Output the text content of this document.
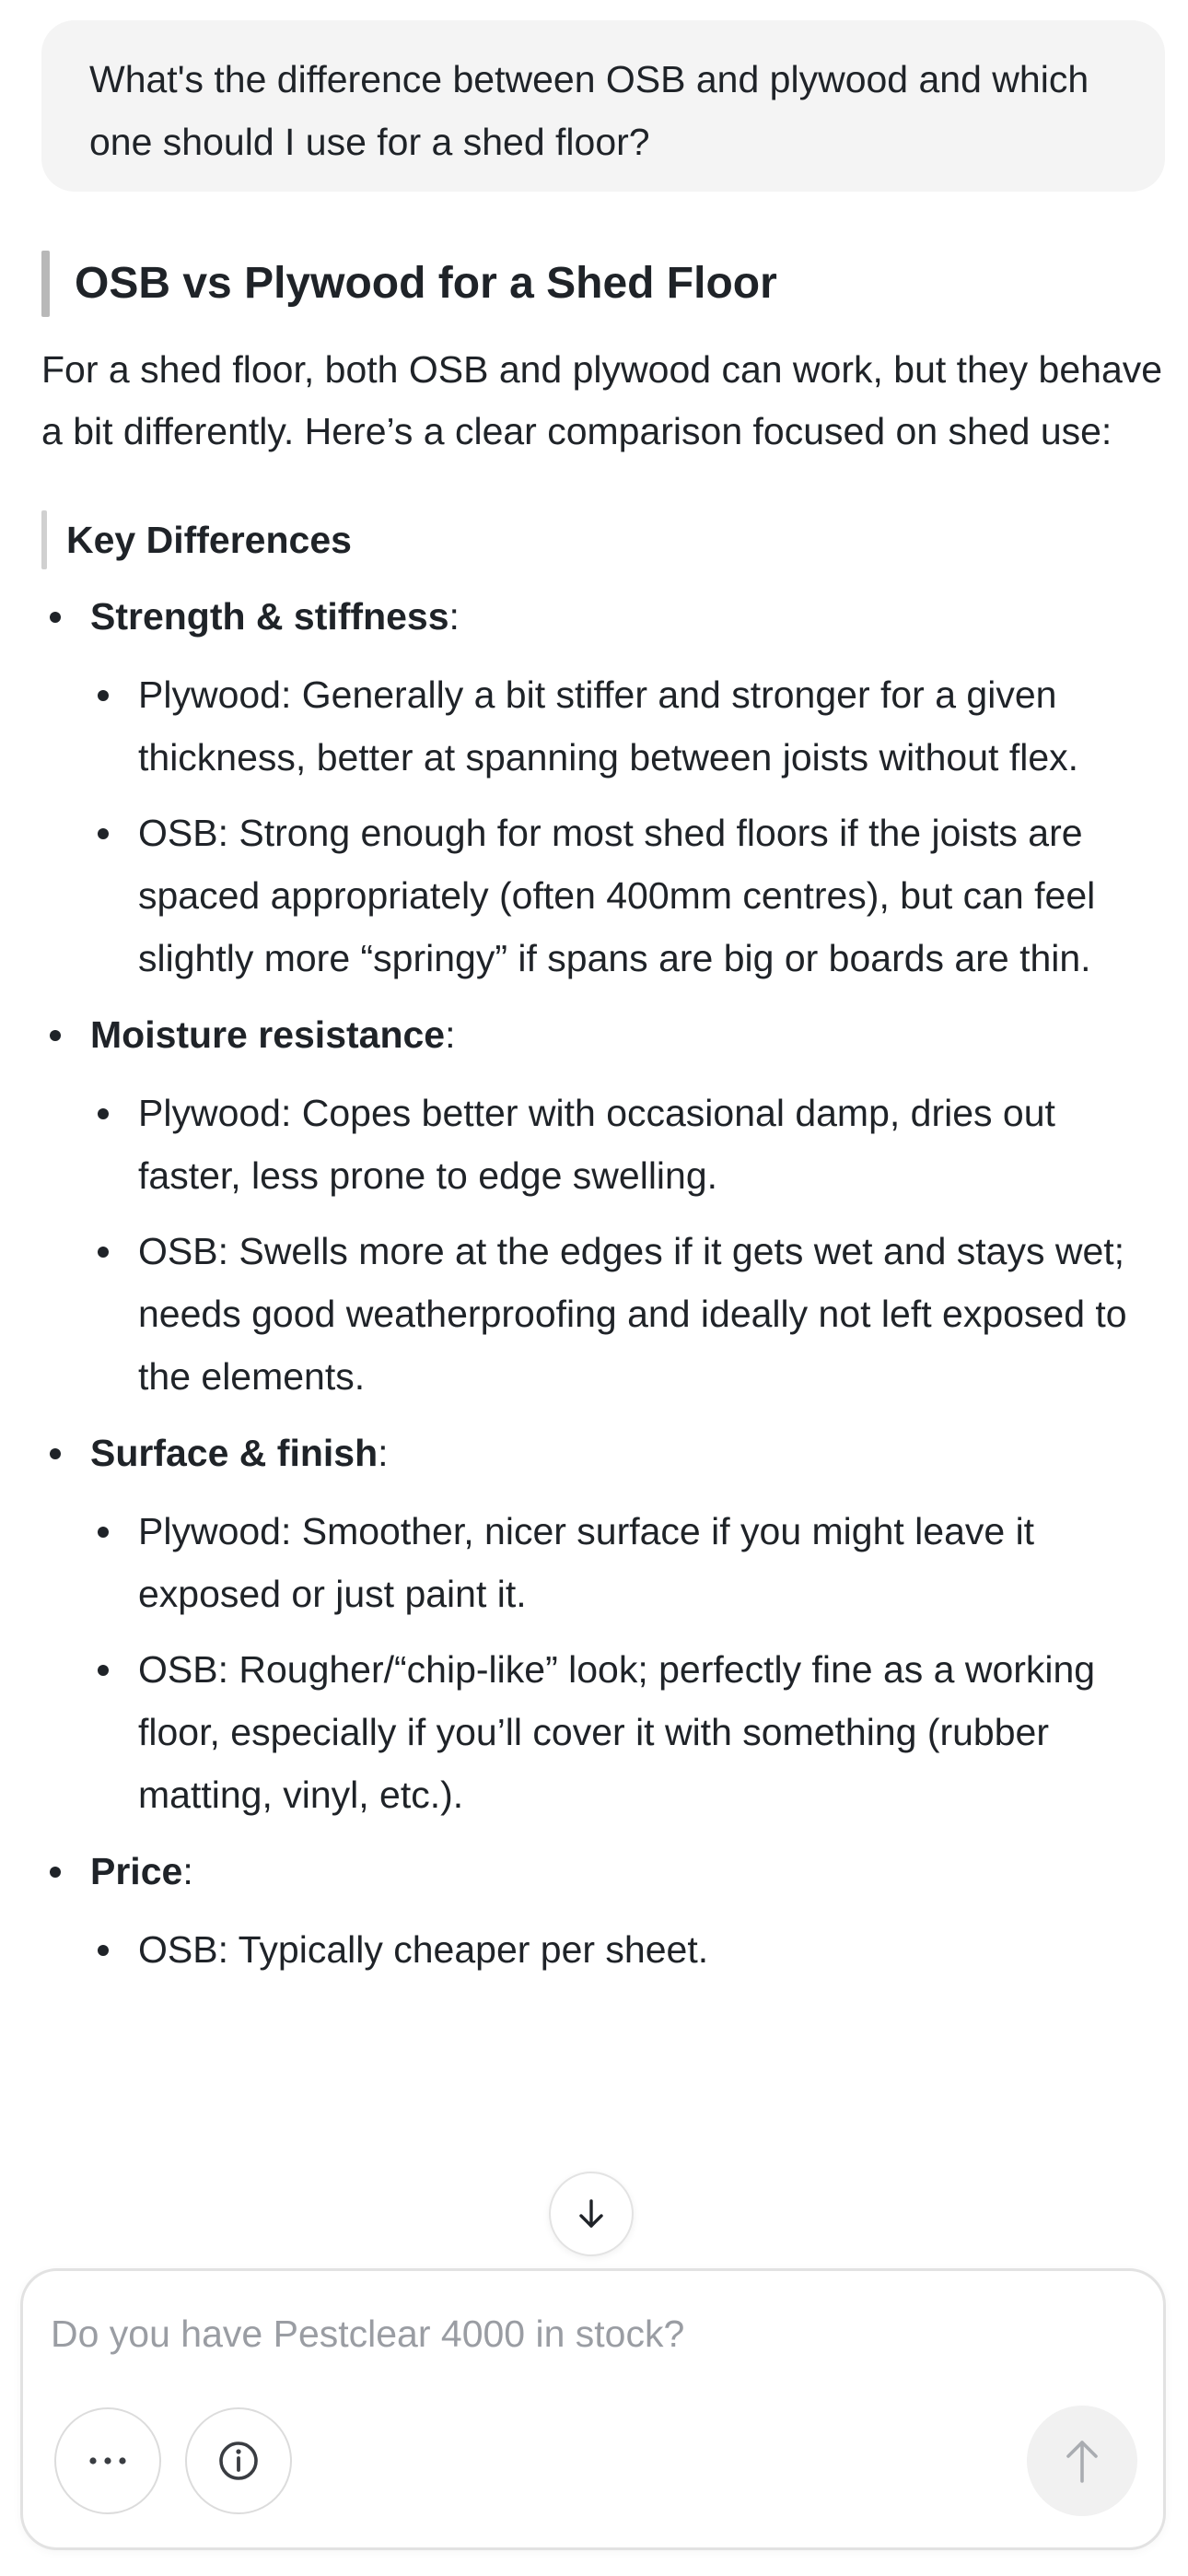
What's the difference between OSB and plywood and which one should I use for a shed floor?
OSB vs Plywood for a Shed Floor

For a shed floor, both OSB and plywood can work, but they behave a bit differently. Here’s a clear comparison focused on shed use:

Key Differences
Strength & stiffness:
Plywood: Generally a bit stiffer and stronger for a given thickness, better at spanning between joists without flex.
OSB: Strong enough for most shed floors if the joists are spaced appropriately (often 400mm centres), but can feel slightly more “springy” if spans are big or boards are thin.
Moisture resistance:
Plywood: Copes better with occasional damp, dries out faster, less prone to edge swelling.
OSB: Swells more at the edges if it gets wet and stays wet; needs good weatherproofing and ideally not left exposed to the elements.
Surface & finish:
Plywood: Smoother, nicer surface if you might leave it exposed or just paint it.
OSB: Rougher/“chip-like” look; perfectly fine as a working floor, especially if you’ll cover it with something (rubber matting, vinyl, etc.).
Price:
OSB: Typically cheaper per sheet.
Do you have Pestclear 4000 in stock?
